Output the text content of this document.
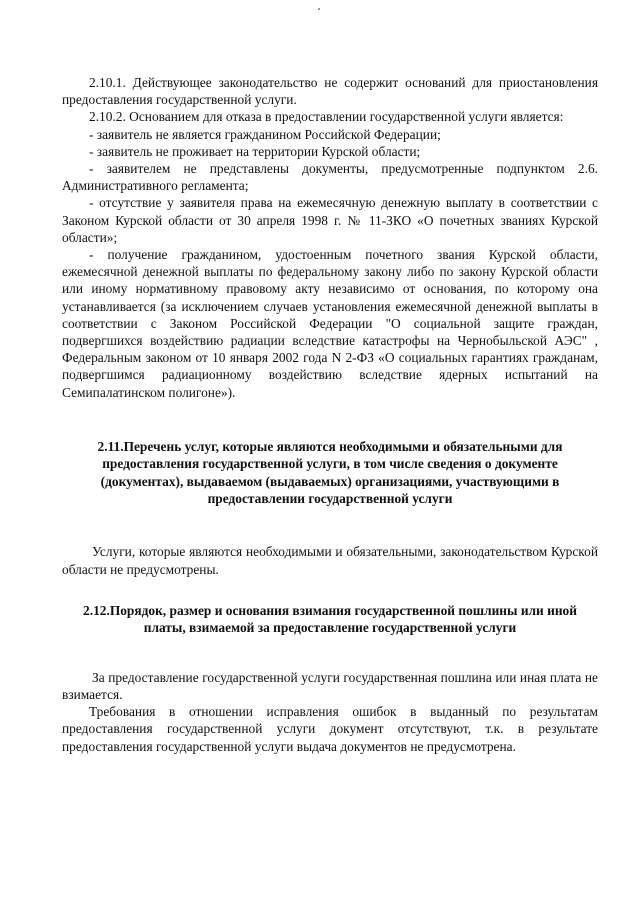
2.10.1. Действующее законодательство не содержит оснований для приостановления предоставления государственной услуги.

2.10.2. Основанием для отказа в предоставлении государственной услуги является:

- заявитель не является гражданином Российской Федерации;

- заявитель не проживает на территории Курской области;

- заявителем не представлены документы, предусмотренные подпунктом 2.6. Административного регламента;

- отсутствие у заявителя права на ежемесячную денежную выплату в соответствии с Законом Курской области от 30 апреля 1998 г. № 11-ЗКО «О почетных званиях Курской области»;

- получение гражданином, удостоенным почетного звания Курской области, ежемесячной денежной выплаты по федеральному закону либо по закону Курской области или иному нормативному правовому акту независимо от основания, по которому она устанавливается (за исключением случаев установления ежемесячной денежной выплаты в соответствии с Законом Российской Федерации "О социальной защите граждан, подвергшихся воздействию радиации вследствие катастрофы на Чернобыльской АЭС" , Федеральным законом от 10 января 2002 года N 2-ФЗ «О социальных гарантиях гражданам, подвергшимся радиационному воздействию вследствие ядерных испытаний на Семипалатинском полигоне»).

2.11.Перечень услуг, которые являются необходимыми и обязательными для предоставления государственной услуги, в том числе сведения о документе (документах), выдаваемом (выдаваемых) организациями, участвующими в предоставлении государственной услуги

Услуги, которые являются необходимыми и обязательными, законодательством Курской области не предусмотрены.

2.12.Порядок, размер и основания взимания государственной пошлины или иной платы, взимаемой за предоставление государственной услуги

За предоставление государственной услуги государственная пошлина или иная плата не взимается.

Требования в отношении исправления ошибок в выданный по результатам предоставления государственной услуги документ отсутствуют, т.к. в результате предоставления государственной услуги выдача документов не предусмотрена.
